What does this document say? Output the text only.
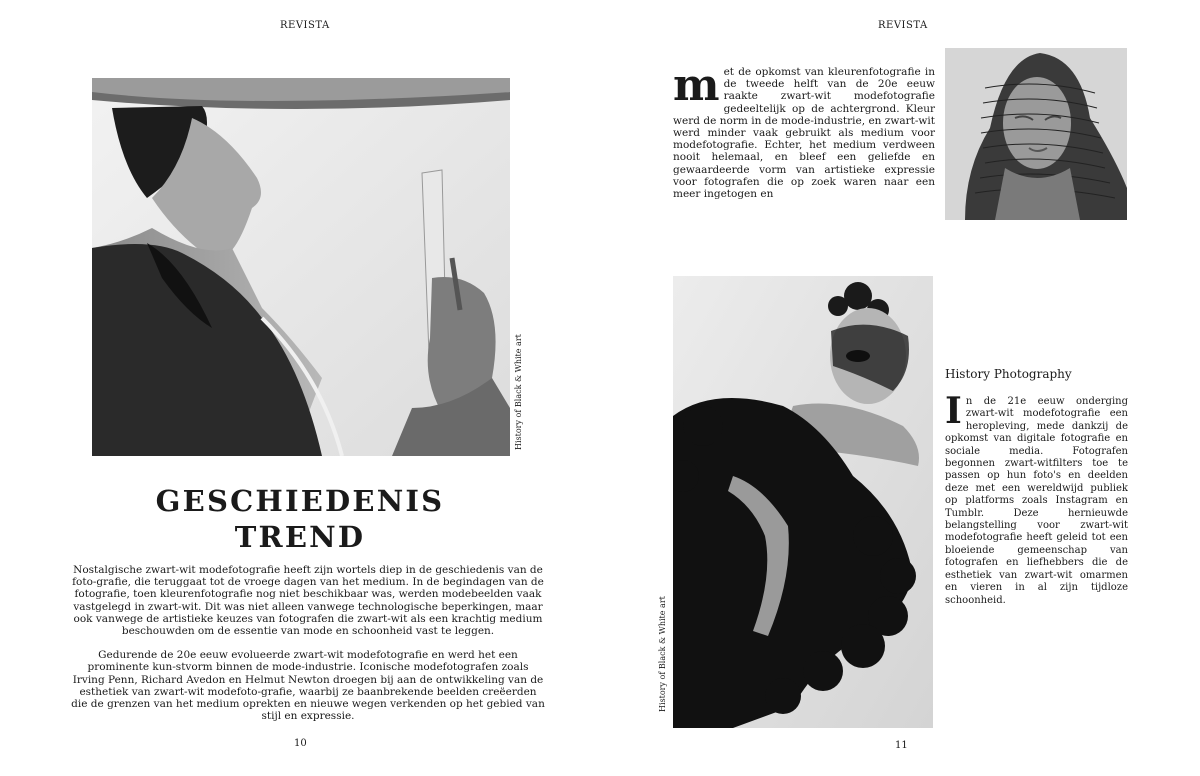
REVISTA
History of Black & White art
GESCHIEDENIS
TREND

Nostalgische zwart-wit modefotografie heeft zijn wortels diep in de geschiedenis van de foto-grafie, die teruggaat tot de vroege dagen van het medium. In de begindagen van de fotografie, toen kleurenfotografie nog niet beschikbaar was, werden modebeelden vaak vastgelegd in zwart-wit. Dit was niet alleen vanwege technologische beperkingen, maar ook vanwege de artistieke keuzes van fotografen die zwart-wit als een krachtig medium beschouwden om de essentie van mode en schoonheid vast te leggen.

Gedurende de 20e eeuw evolueerde zwart-wit modefotografie en werd het een prominente kun-stvorm binnen de mode-industrie. Iconische modefotografen zoals Irving Penn, Richard Avedon en Helmut Newton droegen bij aan de ontwikkeling van de esthetiek van zwart-wit modefoto-grafie, waarbij ze baanbrekende beelden creëerden die de grenzen van het medium oprekten en nieuwe wegen verkenden op het gebied van stijl en expressie.

10
REVISTA
m et de opkomst van kleurenfotografie in de tweede helft van de 20e eeuw raakte zwart-wit modefotografie gedeeltelijk op de achtergrond. Kleur werd de norm in de mode-industrie, en zwart-wit werd minder vaak gebruikt als medium voor modefotografie. Echter, het medium verdween nooit helemaal, en bleef een geliefde en gewaardeerde vorm van artistieke expressie voor fotografen die op zoek waren naar een meer ingetogen en
History of Black & White art
History Photography
I n de 21e eeuw onderging zwart-wit modefotografie een heropleving, mede dankzij de opkomst van digitale fotografie en sociale media. Fotografen begonnen zwart-witfilters toe te passen op hun foto's en deelden deze met een wereldwijd publiek op platforms zoals Instagram en Tumblr. Deze hernieuwde belangstelling voor zwart-wit modefotografie heeft geleid tot een bloeiende gemeenschap van fotografen en liefhebbers die de esthetiek van zwart-wit omarmen en vieren in al zijn tijdloze schoonheid.
11
